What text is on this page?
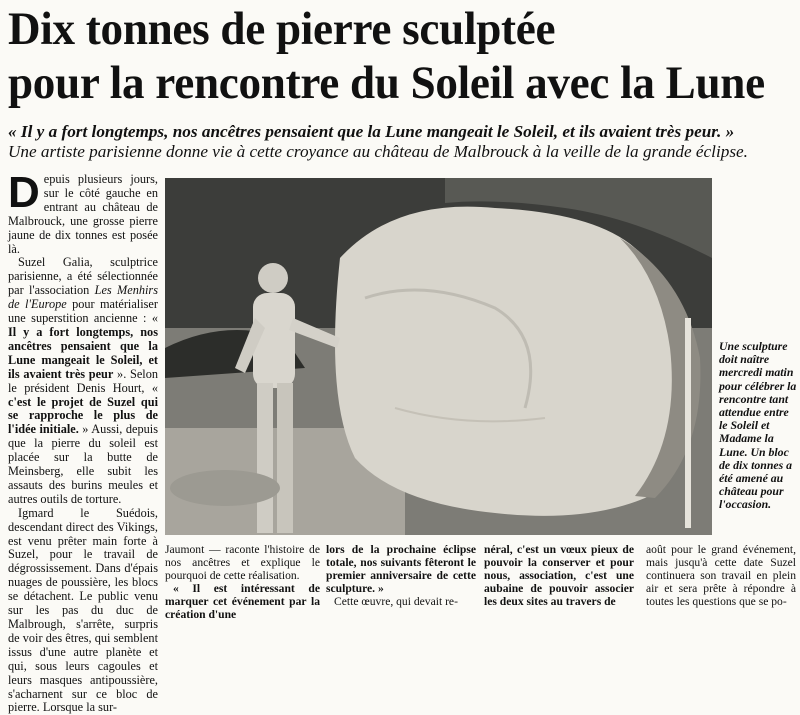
Dix tonnes de pierre sculptée
pour la rencontre du Soleil avec la Lune
« Il y a fort longtemps, nos ancêtres pensaient que la Lune mangeait le Soleil, et ils avaient très peur. »
Une artiste parisienne donne vie à cette croyance au château de Malbrouck à la veille de la grande éclipse.

Depuis plusieurs jours, sur le côté gauche en entrant au château de Malbrouck, une grosse pierre jaune de dix tonnes est posée là.

Suzel Galia, sculptrice parisienne, a été sélectionnée par l'association Les Menhirs de l'Europe pour matérialiser une superstition ancienne : « Il y a fort longtemps, nos ancêtres pensaient que la Lune mangeait le Soleil, et ils avaient très peur ». Selon le président Denis Hourt, « c'est le projet de Suzel qui se rapproche le plus de l'idée initiale. » Aussi, depuis que la pierre du soleil est placée sur la butte de Meinsberg, elle subit les assauts des burins meules et autres outils de torture.

Igmard le Suédois, descendant direct des Vikings, est venu prêter main forte à Suzel, pour le travail de dégrossissement. Dans d'épais nuages de poussière, les blocs se détachent. Le public venu sur les pas du duc de Malbrough, s'arrête, surpris de voir des êtres, qui semblent issus d'une autre planète et qui, sous leurs cagoules et leurs masques antipoussière, s'acharnent sur ce bloc de pierre. Lorsque la sur-

Une sculpture doit naître mercredi matin pour célébrer la rencontre tant attendue entre le Soleil et Madame la Lune. Un bloc de dix tonnes a été amené au château pour l'occasion.
Jaumont — raconte l'histoire de nos ancêtres et explique le pourquoi de cette réalisation.
« Il est intéressant de marquer cet événement par la création d'une
lors de la prochaine éclipse totale, nos suivants fêteront le premier anniversaire de cette sculpture. »
Cette œuvre, qui devait re-
néral, c'est un vœux pieux de pouvoir la conserver et pour nous, association, c'est une aubaine de pouvoir associer les deux sites au travers de
août pour le grand événement, mais jusqu'à cette date Suzel continuera son travail en plein air et sera prête à répondre à toutes les questions que se po-
